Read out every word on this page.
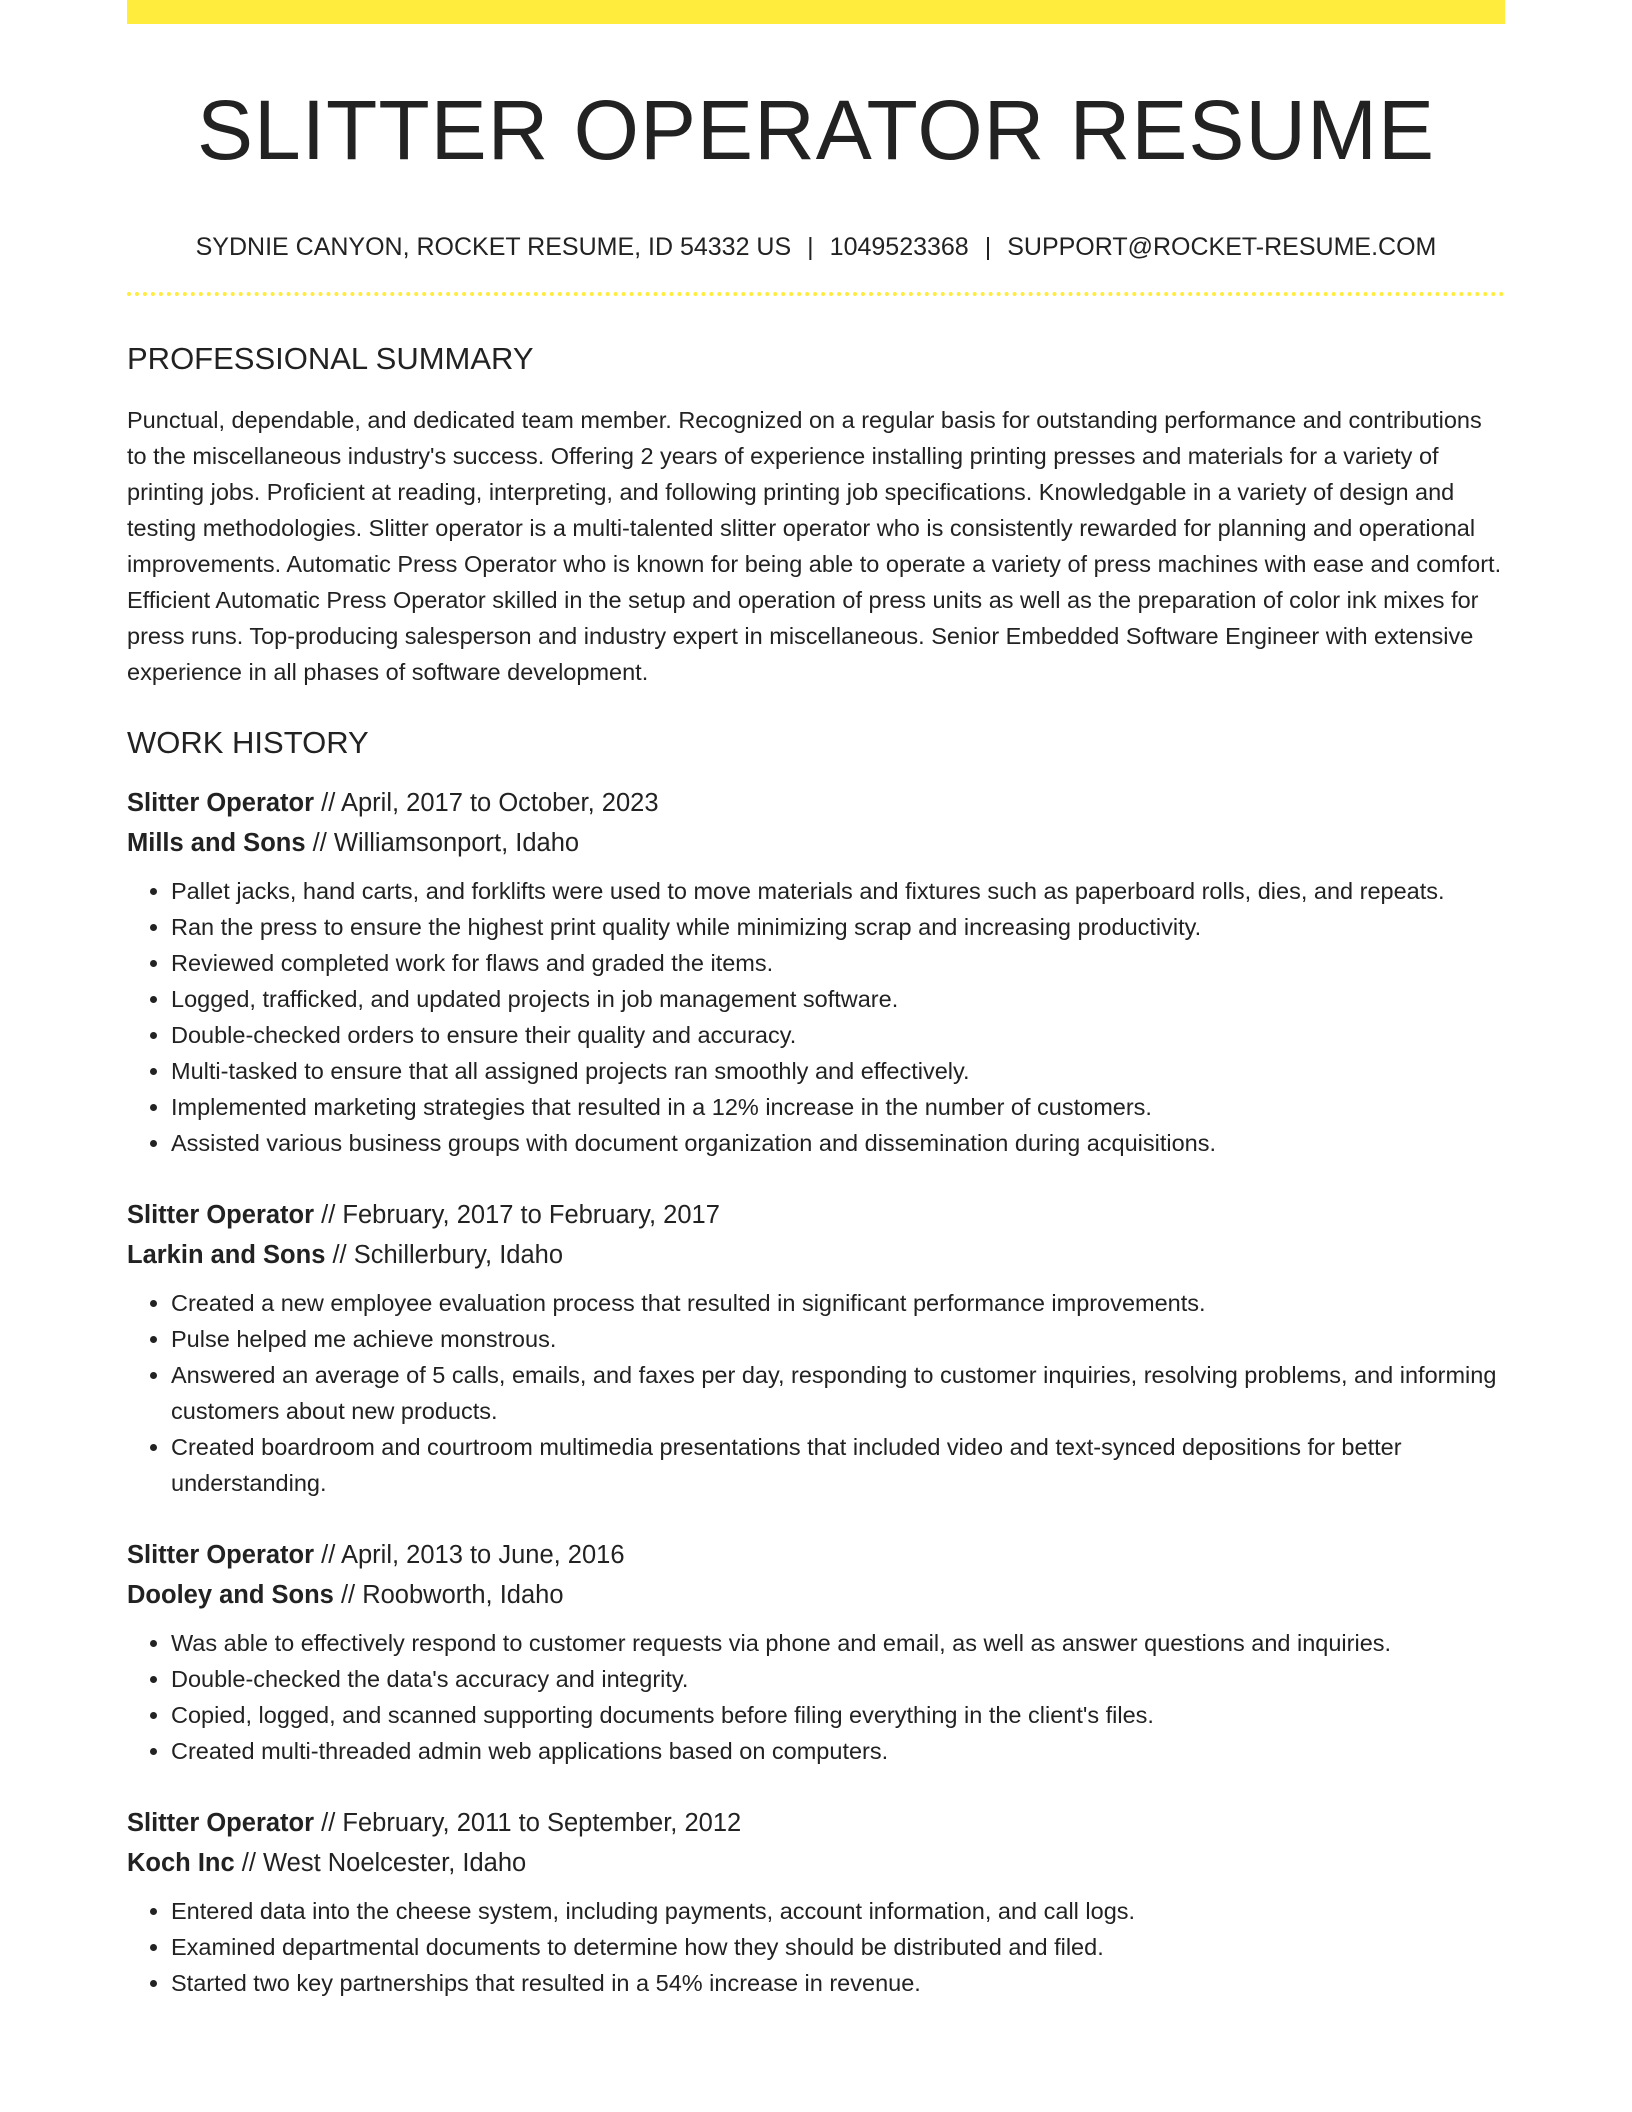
SLITTER OPERATOR RESUME
SYDNIE CANYON, ROCKET RESUME, ID 54332 US | 1049523368 | SUPPORT@ROCKET-RESUME.COM
PROFESSIONAL SUMMARY

Punctual, dependable, and dedicated team member. Recognized on a regular basis for outstanding performance and contributions to the miscellaneous industry's success. Offering 2 years of experience installing printing presses and materials for a variety of printing jobs. Proficient at reading, interpreting, and following printing job specifications. Knowledgable in a variety of design and testing methodologies. Slitter operator is a multi-talented slitter operator who is consistently rewarded for planning and operational improvements. Automatic Press Operator who is known for being able to operate a variety of press machines with ease and comfort. Efficient Automatic Press Operator skilled in the setup and operation of press units as well as the preparation of color ink mixes for press runs. Top-producing salesperson and industry expert in miscellaneous. Senior Embedded Software Engineer with extensive experience in all phases of software development.

WORK HISTORY
Slitter Operator // April, 2017 to October, 2023
Mills and Sons // Williamsonport, Idaho
• Pallet jacks, hand carts, and forklifts were used to move materials and fixtures such as paperboard rolls, dies, and repeats.
• Ran the press to ensure the highest print quality while minimizing scrap and increasing productivity.
• Reviewed completed work for flaws and graded the items.
• Logged, trafficked, and updated projects in job management software.
• Double-checked orders to ensure their quality and accuracy.
• Multi-tasked to ensure that all assigned projects ran smoothly and effectively.
• Implemented marketing strategies that resulted in a 12% increase in the number of customers.
• Assisted various business groups with document organization and dissemination during acquisitions.
Slitter Operator // February, 2017 to February, 2017
Larkin and Sons // Schillerbury, Idaho
• Created a new employee evaluation process that resulted in significant performance improvements.
• Pulse helped me achieve monstrous.
• Answered an average of 5 calls, emails, and faxes per day, responding to customer inquiries, resolving problems, and informing customers about new products.
• Created boardroom and courtroom multimedia presentations that included video and text-synced depositions for better understanding.
Slitter Operator // April, 2013 to June, 2016
Dooley and Sons // Roobworth, Idaho
• Was able to effectively respond to customer requests via phone and email, as well as answer questions and inquiries.
• Double-checked the data's accuracy and integrity.
• Copied, logged, and scanned supporting documents before filing everything in the client's files.
• Created multi-threaded admin web applications based on computers.
Slitter Operator // February, 2011 to September, 2012
Koch Inc // West Noelcester, Idaho
• Entered data into the cheese system, including payments, account information, and call logs.
• Examined departmental documents to determine how they should be distributed and filed.
• Started two key partnerships that resulted in a 54% increase in revenue.
